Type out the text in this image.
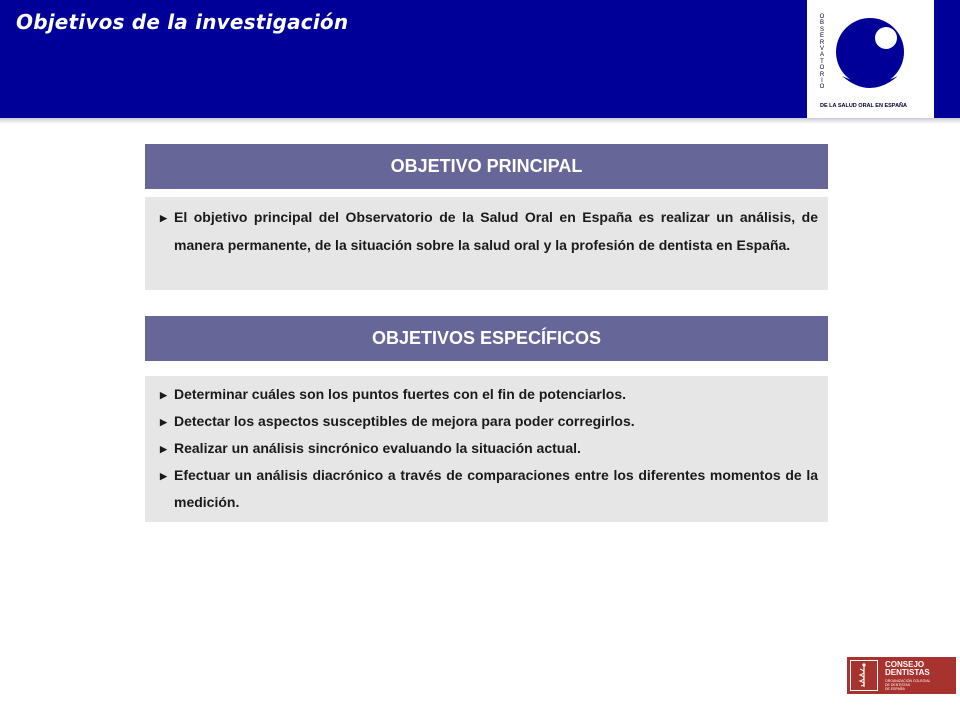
Objetivos de la investigación	O
B
S
E
R
V
A
T
O
R
I
O
DE LA SALUD ORAL EN ESPAÑA
OBJETIVO PRINCIPAL
▶ El objetivo principal del Observatorio de la Salud Oral en España es realizar un análisis, de manera permanente, de la situación sobre la salud oral y la profesión de dentista en España.
OBJETIVOS ESPECÍFICOS
▶ Determinar cuáles son los puntos fuertes con el fin de potenciarlos.
▶ Detectar los aspectos susceptibles de mejora para poder corregirlos.
▶ Realizar un análisis sincrónico evaluando la situación actual.
▶ Efectuar un análisis diacrónico a través de comparaciones entre los diferentes momentos de la medición.
CONSEJO
DENTISTAS
ORGANIZACIÓN COLEGIAL
DE DENTISTAS
DE ESPAÑA
